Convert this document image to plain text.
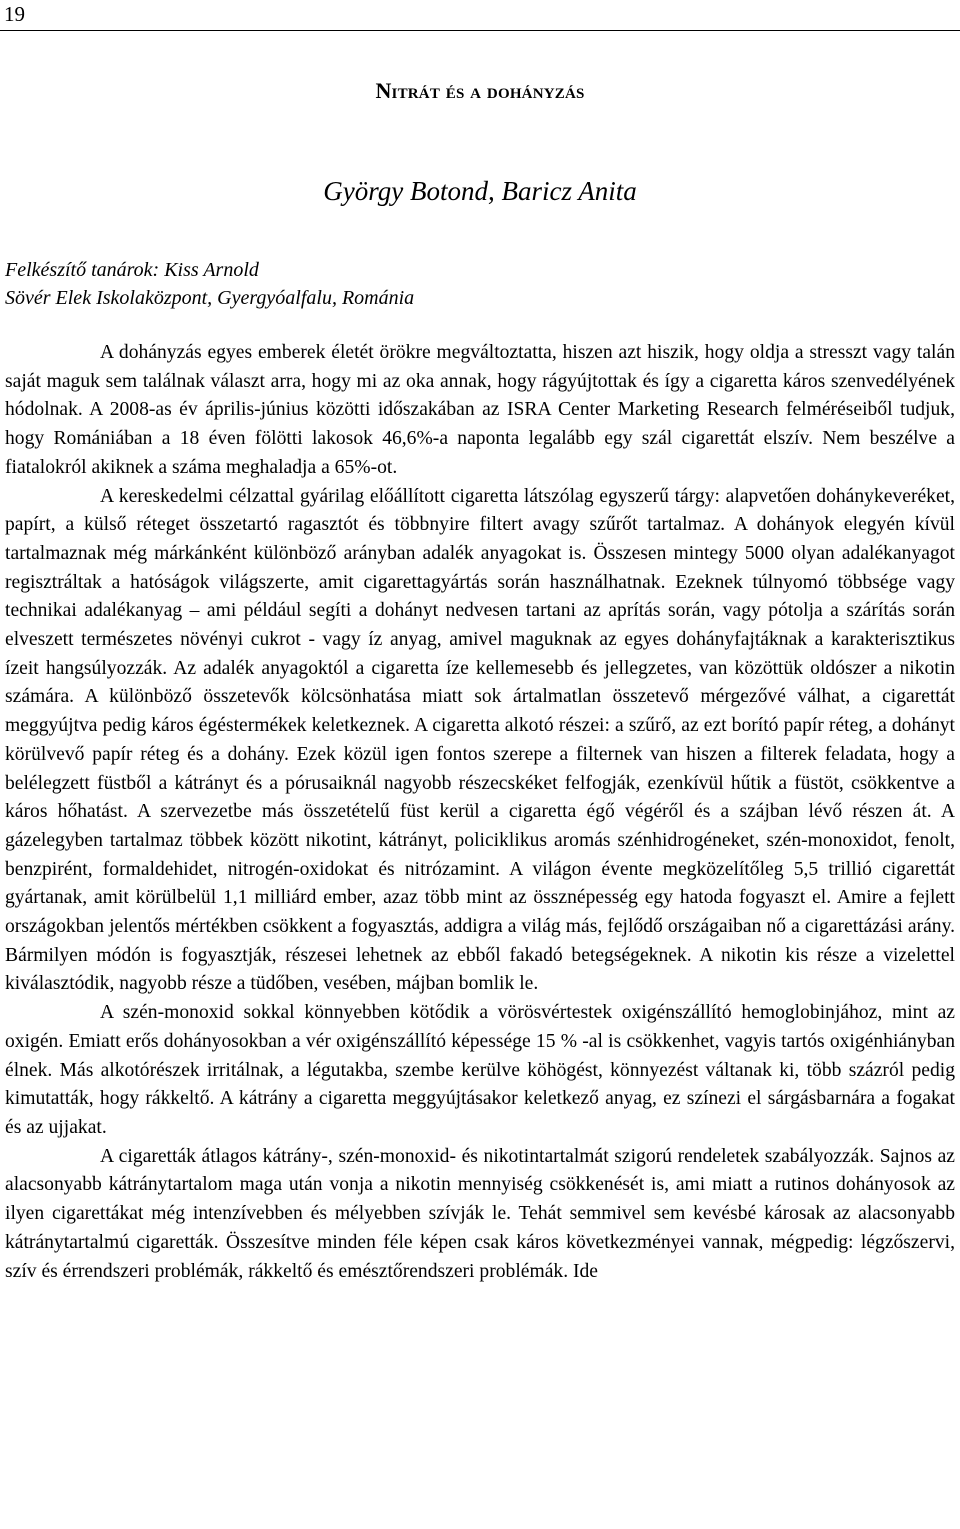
19
Nitrát és a dohányzás
György Botond, Baricz Anita
Felkészítő tanárok: Kiss Arnold
Sövér Elek Iskolaközpont, Gyergyóalfalu, Románia

A dohányzás egyes emberek életét örökre megváltoztatta, hiszen azt hiszik, hogy oldja a stresszt vagy talán saját maguk sem találnak választ arra, hogy mi az oka annak, hogy rágyújtottak és így a cigaretta káros szenvedélyének hódolnak. A 2008-as év április-június közötti időszakában az ISRA Center Marketing Research felméréseiből tudjuk, hogy Romániában a 18 éven fölötti lakosok 46,6%-a naponta legalább egy szál cigarettát elszív. Nem beszélve a fiatalokról akiknek a száma meghaladja a 65%-ot.

A kereskedelmi célzattal gyárilag előállított cigaretta látszólag egyszerű tárgy: alapvetően dohánykeveréket, papírt, a külső réteget összetartó ragasztót és többnyire filtert avagy szűrőt tartalmaz. A dohányok elegyén kívül tartalmaznak még márkánként különböző arányban adalék anyagokat is. Összesen mintegy 5000 olyan adalékanyagot regisztráltak a hatóságok világszerte, amit cigarettagyártás során használhatnak. Ezeknek túlnyomó többsége vagy technikai adalékanyag – ami például segíti a dohányt nedvesen tartani az aprítás során, vagy pótolja a szárítás során elveszett természetes növényi cukrot - vagy íz anyag, amivel maguknak az egyes dohányfajtáknak a karakterisztikus ízeit hangsúlyozzák. Az adalék anyagoktól a cigaretta íze kellemesebb és jellegzetes, van közöttük oldószer a nikotin számára. A különböző összetevők kölcsönhatása miatt sok ártalmatlan összetevő mérgezővé válhat, a cigarettát meggyújtva pedig káros égéstermékek keletkeznek. A cigaretta alkotó részei: a szűrő, az ezt borító papír réteg, a dohányt körülvevő papír réteg és a dohány. Ezek közül igen fontos szerepe a filternek van hiszen a filterek feladata, hogy a belélegzett füstből a kátrányt és a pórusaiknál nagyobb részecskéket felfogják, ezenkívül hűtik a füstöt, csökkentve a káros hőhatást. A szervezetbe más összetételű füst kerül a cigaretta égő végéről és a szájban lévő részen át. A gázelegyben tartalmaz többek között nikotint, kátrányt, policiklikus aromás szénhidrogéneket, szén-monoxidot, fenolt, benzpirént, formaldehidet, nitrogén-oxidokat és nitrózamint. A világon évente megközelítőleg 5,5 trillió cigarettát gyártanak, amit körülbelül 1,1 milliárd ember, azaz több mint az össznépesség egy hatoda fogyaszt el. Amire a fejlett országokban jelentős mértékben csökkent a fogyasztás, addigra a világ más, fejlődő országaiban nő a cigarettázási arány. Bármilyen módón is fogyasztják, részesei lehetnek az ebből fakadó betegségeknek. A nikotin kis része a vizelettel kiválasztódik, nagyobb része a tüdőben, vesében, májban bomlik le.

A szén-monoxid sokkal könnyebben kötődik a vörösvértestek oxigénszállító hemoglobinjához, mint az oxigén. Emiatt erős dohányosokban a vér oxigénszállító képessége 15 % -al is csökkenhet, vagyis tartós oxigénhiányban élnek. Más alkotórészek irritálnak, a légutakba, szembe kerülve köhögést, könnyezést váltanak ki, több százról pedig kimutatták, hogy rákkeltő. A kátrány a cigaretta meggyújtásakor keletkező anyag, ez színezi el sárgásbarnára a fogakat és az ujjakat.

A cigaretták átlagos kátrány-, szén-monoxid- és nikotintartalmát szigorú rendeletek szabályozzák. Sajnos az alacsonyabb kátránytartalom maga után vonja a nikotin mennyiség csökkenését is, ami miatt a rutinos dohányosok az ilyen cigarettákat még intenzívebben és mélyebben szívják le. Tehát semmivel sem kevésbé károsak az alacsonyabb kátránytartalmú cigaretták. Összesítve minden féle képen csak káros következményei vannak, mégpedig: légzőszervi, szív és érrendszeri problémák, rákkeltő és emésztőrendszeri problémák. Ide
